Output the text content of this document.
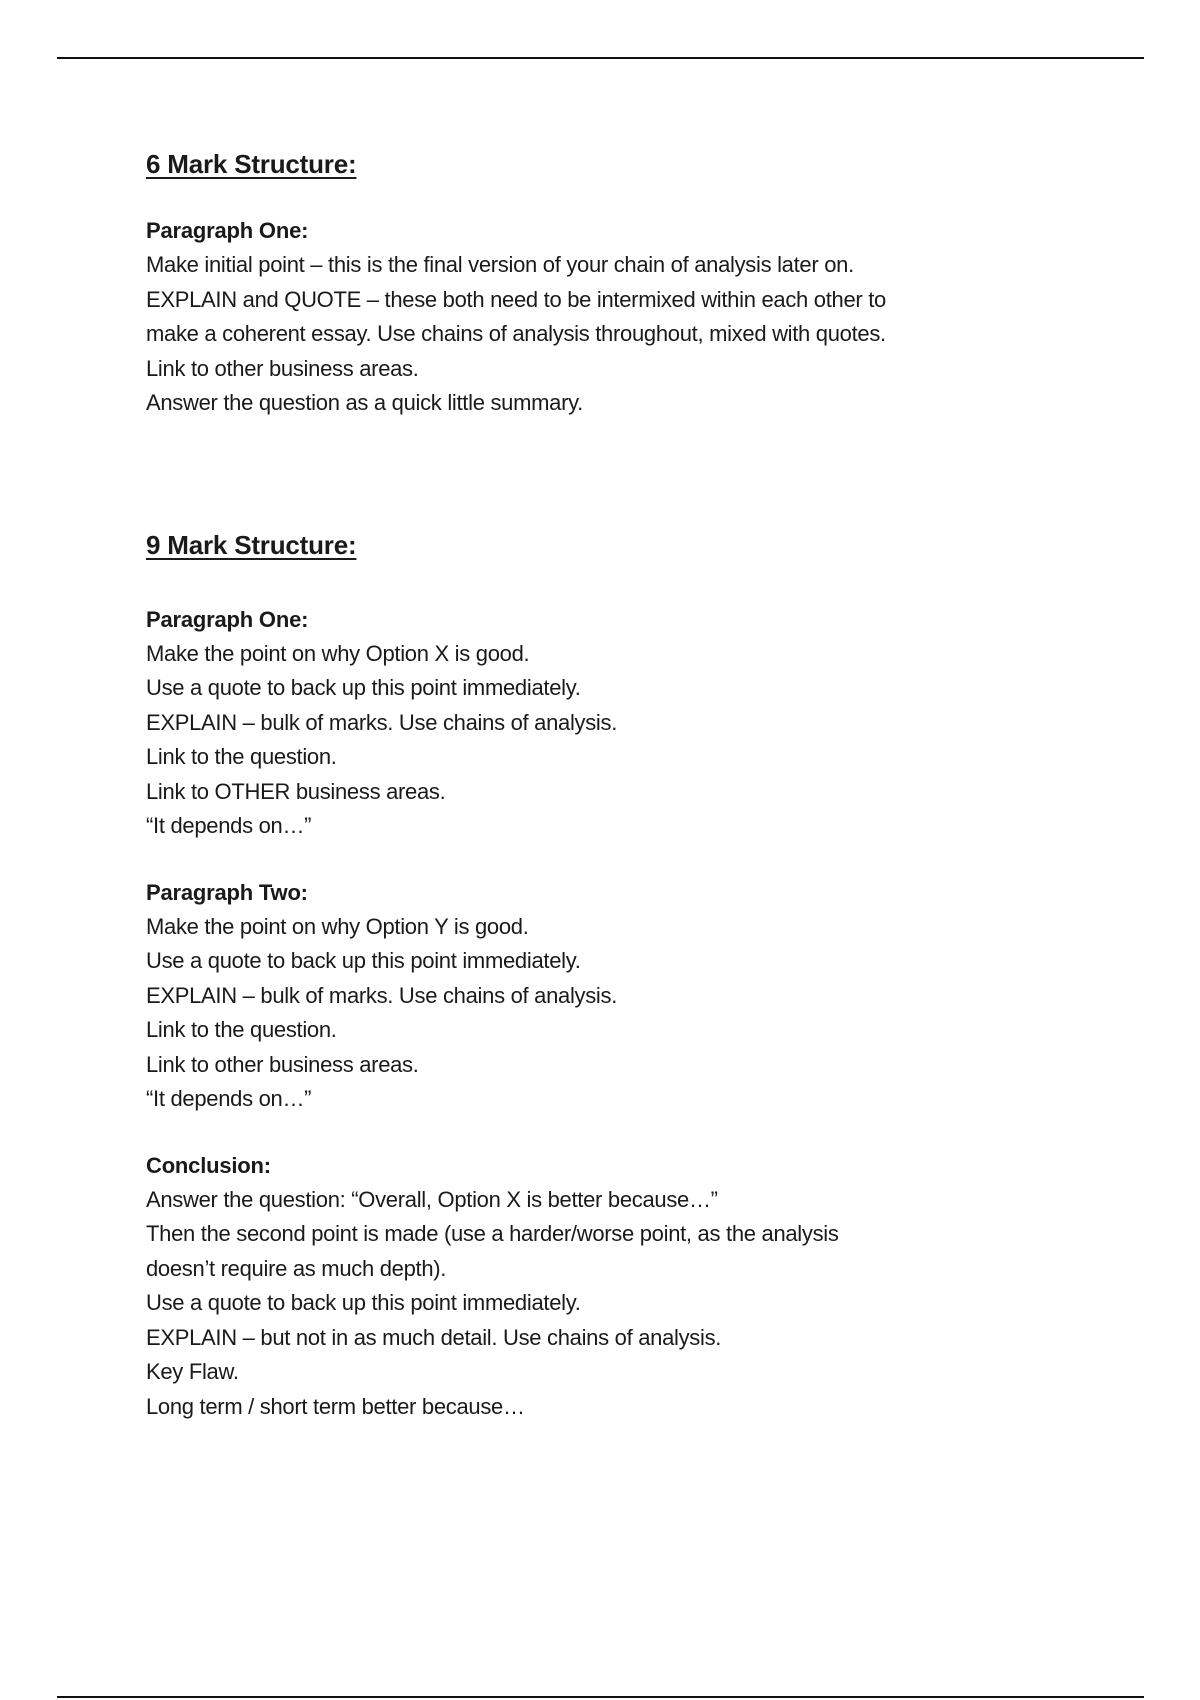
6 Mark Structure:

Paragraph One:

Make initial point – this is the final version of your chain of analysis later on.

EXPLAIN and QUOTE – these both need to be intermixed within each other to

make a coherent essay. Use chains of analysis throughout, mixed with quotes.

Link to other business areas.

Answer the question as a quick little summary.

9 Mark Structure:

Paragraph One:

Make the point on why Option X is good.

Use a quote to back up this point immediately.

EXPLAIN – bulk of marks. Use chains of analysis.

Link to the question.

Link to OTHER business areas.

“It depends on…”

Paragraph Two:

Make the point on why Option Y is good.

Use a quote to back up this point immediately.

EXPLAIN – bulk of marks. Use chains of analysis.

Link to the question.

Link to other business areas.

“It depends on…”

Conclusion:

Answer the question: “Overall, Option X is better because…”

Then the second point is made (use a harder/worse point, as the analysis

doesn’t require as much depth).

Use a quote to back up this point immediately.

EXPLAIN – but not in as much detail. Use chains of analysis.

Key Flaw.

Long term / short term better because…
